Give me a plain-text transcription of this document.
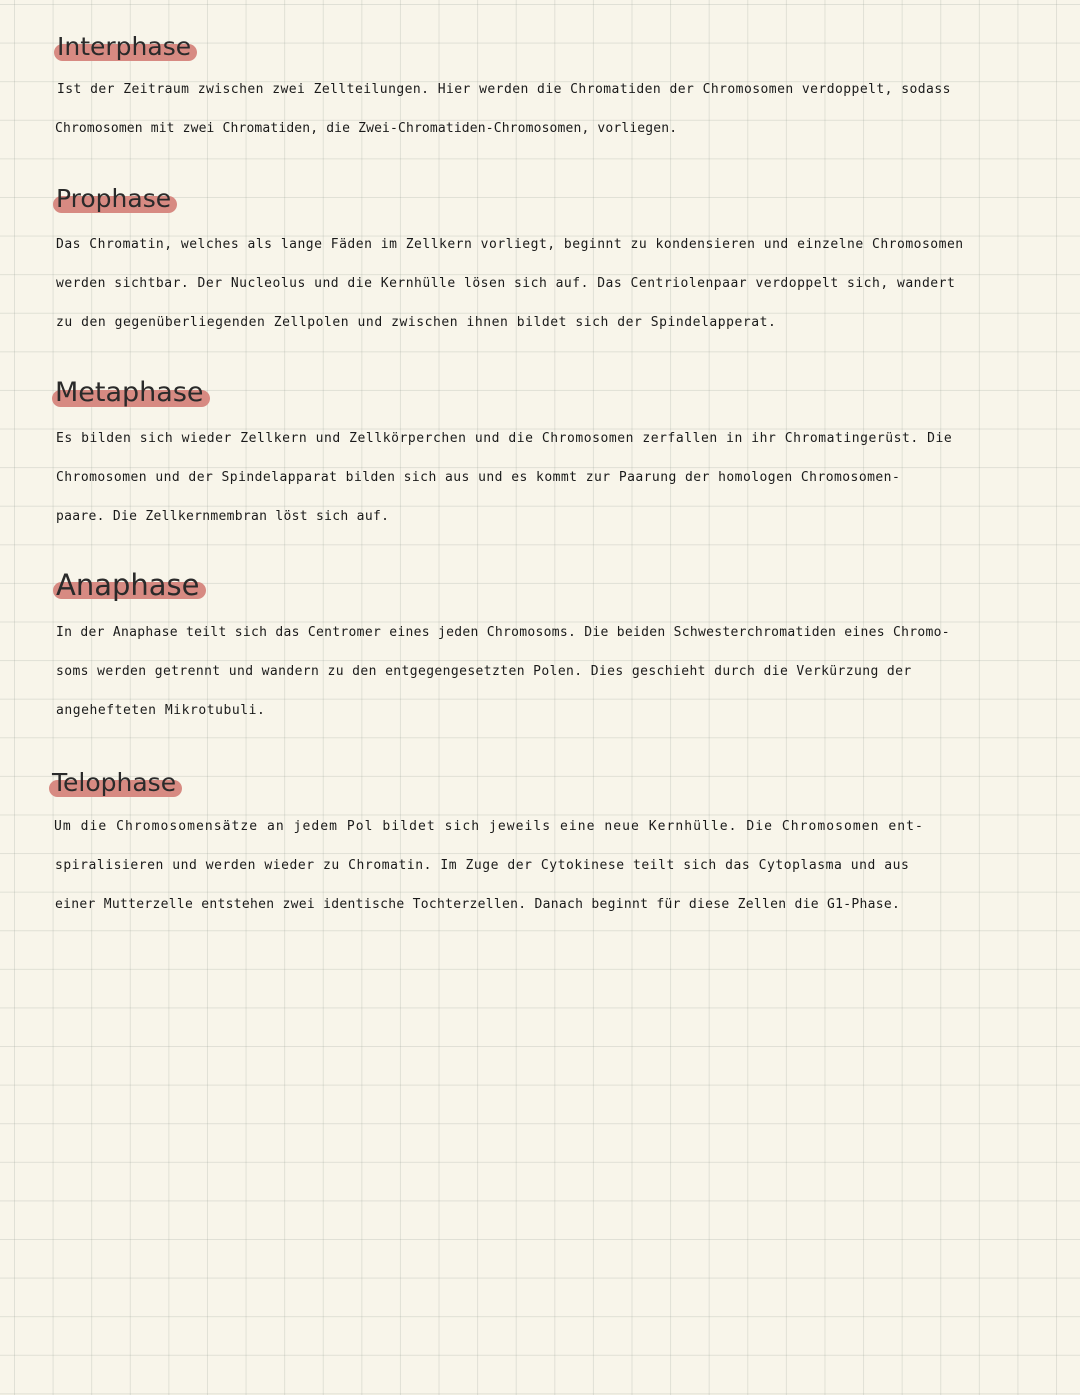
Interphase
Ist der Zeitraum zwischen zwei Zellteilungen. Hier werden die Chromatiden der Chromosomen verdoppelt, sodass
Chromosomen mit zwei Chromatiden, die Zwei-Chromatiden-Chromosomen, vorliegen.
Prophase
Das Chromatin, welches als lange Fäden im Zellkern vorliegt, beginnt zu kondensieren und einzelne Chromosomen
werden sichtbar. Der Nucleolus und die Kernhülle lösen sich auf. Das Centriolenpaar verdoppelt sich, wandert
zu den gegenüberliegenden Zellpolen und zwischen ihnen bildet sich der Spindelapperat.
Metaphase
Es bilden sich wieder Zellkern und Zellkörperchen und die Chromosomen zerfallen in ihr Chromatingerüst. Die
Chromosomen und der Spindelapparat bilden sich aus und es kommt zur Paarung der homologen Chromosomen-
paare. Die Zellkernmembran löst sich auf.
Anaphase
In der Anaphase teilt sich das Centromer eines jeden Chromosoms. Die beiden Schwesterchromatiden eines Chromo-
soms werden getrennt und wandern zu den entgegengesetzten Polen. Dies geschieht durch die Verkürzung der
angehefteten Mikrotubuli.
Telophase
Um die Chromosomensätze an jedem Pol bildet sich jeweils eine neue Kernhülle. Die Chromosomen ent-
spiralisieren und werden wieder zu Chromatin. Im Zuge der Cytokinese teilt sich das Cytoplasma und aus
einer Mutterzelle entstehen zwei identische Tochterzellen. Danach beginnt für diese Zellen die G1-Phase.
